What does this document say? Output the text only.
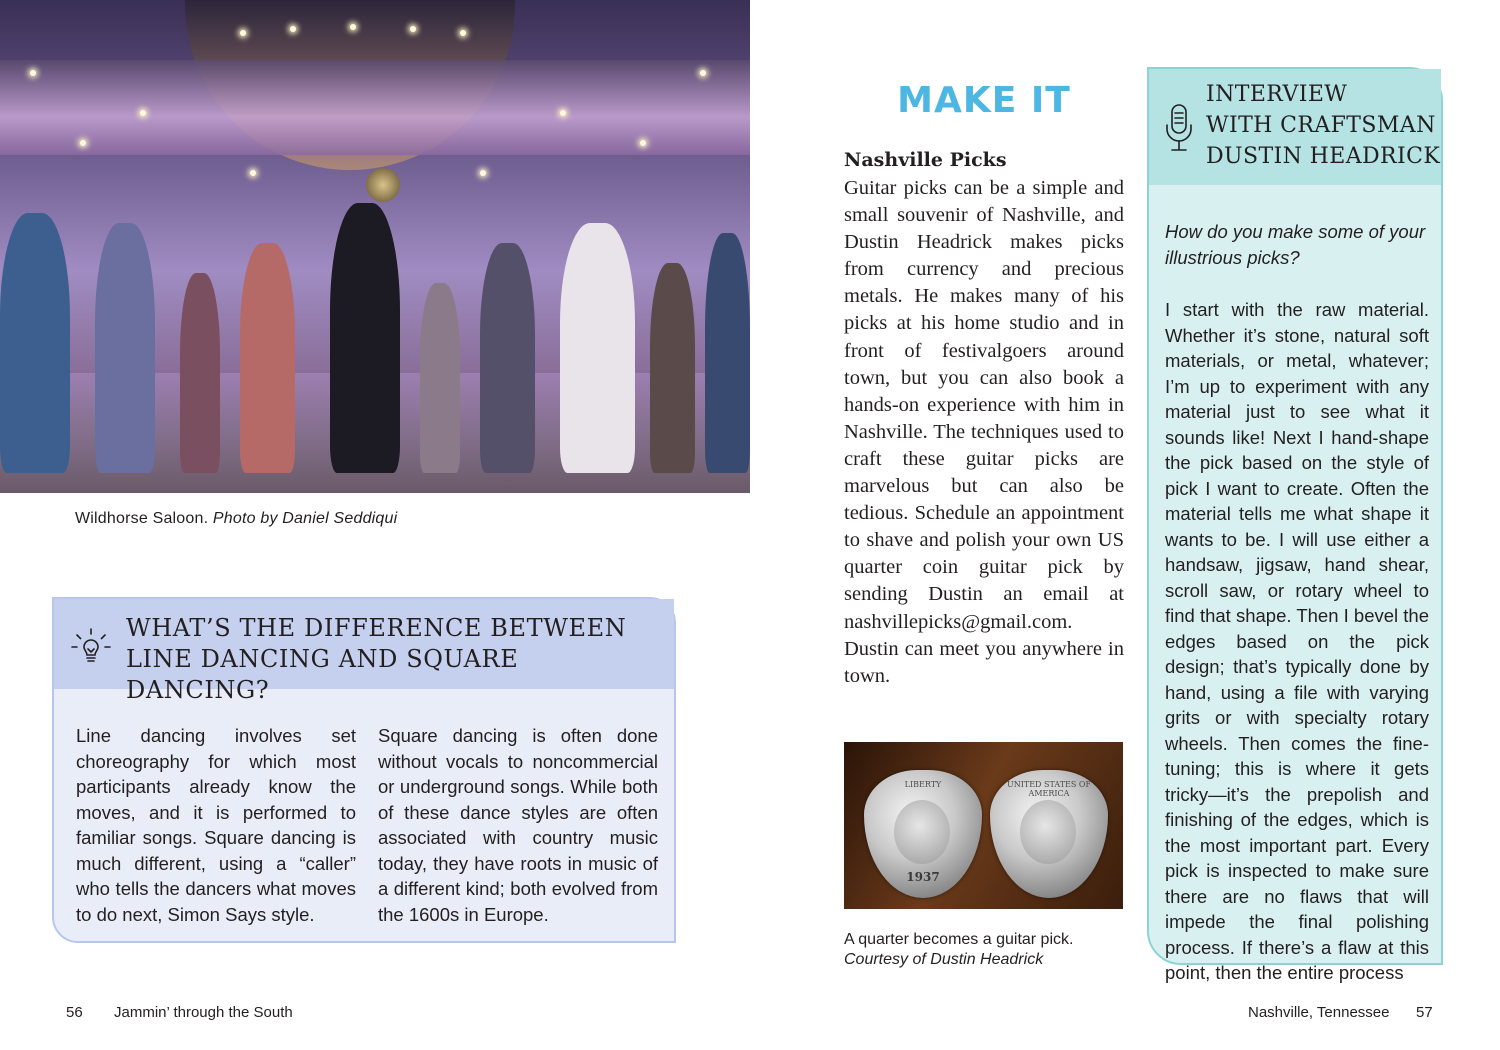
Wildhorse Saloon. Photo by Daniel Seddiqui
WHAT’S THE DIFFERENCE BETWEEN
LINE DANCING AND SQUARE DANCING?
Line dancing involves set choreography for which most participants already know the moves, and it is performed to familiar songs. Square dancing is much different, using a “caller” who tells the dancers what moves to do next, Simon Says style.
Square dancing is often done without vocals to noncommercial or underground songs. While both of these dance styles are often associated with country music today, they have roots in music of a different kind; both evolved from the 1600s in Europe.
56 Jammin’ through the South
MAKE IT
Nashville Picks
Guitar picks can be a simple and small souvenir of Nashville, and Dustin Headrick makes picks from currency and precious metals. He makes many of his picks at his home studio and in front of festivalgoers around town, but you can also book a hands-on experience with him in Nashville. The techniques used to craft these guitar picks are marvelous but can also be tedious. Schedule an appointment to shave and polish your own US quarter coin guitar pick by sending Dustin an email at nashvillepicks@gmail.com. Dustin can meet you anywhere in town.
LIBERTY
1937
UNITED STATES OF AMERICA
A quarter becomes a guitar pick.
Courtesy of Dustin Headrick
INTERVIEW
WITH CRAFTSMAN
DUSTIN HEADRICK
How do you make some of your illustrious picks?
I start with the raw material. Whether it’s stone, natural soft materials, or metal, whatever; I’m up to experiment with any material just to see what it sounds like! Next I hand-shape the pick based on the style of pick I want to create. Often the material tells me what shape it wants to be. I will use either a handsaw, jigsaw, hand shear, scroll saw, or rotary wheel to find that shape. Then I bevel the edges based on the pick design; that’s typically done by hand, using a file with varying grits or with specialty rotary wheels. Then comes the fine-tuning; this is where it gets tricky—it’s the prepolish and finishing of the edges, which is the most important part. Every pick is inspected to make sure there are no flaws that will impede the final polishing process. If there’s a flaw at this point, then the entire process
Nashville, Tennessee 57
